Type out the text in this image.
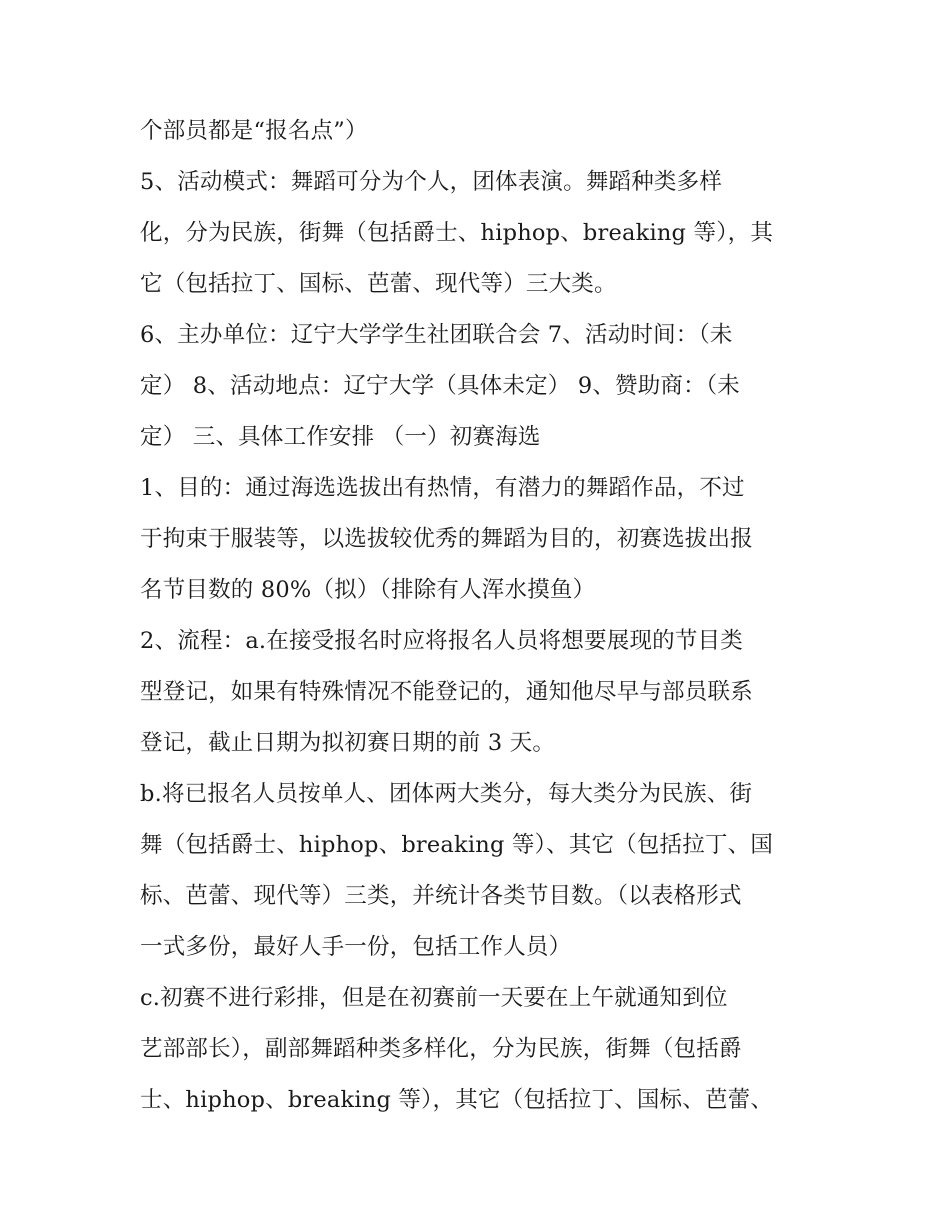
个部员都是“报名点”）
5、活动模式：舞蹈可分为个人，团体表演。舞蹈种类多样
化，分为民族，街舞（包括爵士、hiphop、breaking 等），其
它（包括拉丁、国标、芭蕾、现代等）三大类。
6、主办单位：辽宁大学学生社团联合会 7、活动时间：（未
定） 8、活动地点：辽宁大学（具体未定） 9、赞助商：（未
定） 三、具体工作安排 （一）初赛海选
1、目的：通过海选选拔出有热情，有潜力的舞蹈作品，不过
于拘束于服装等，以选拔较优秀的舞蹈为目的，初赛选拔出报
名节目数的 80%（拟）（排除有人浑水摸鱼）
2、流程：a.在接受报名时应将报名人员将想要展现的节目类
型登记，如果有特殊情况不能登记的，通知他尽早与部员联系
登记，截止日期为拟初赛日期的前 3 天。
b.将已报名人员按单人、团体两大类分，每大类分为民族、街
舞（包括爵士、hiphop、breaking 等）、其它（包括拉丁、国
标、芭蕾、现代等）三类，并统计各类节目数。（以表格形式
一式多份，最好人手一份，包括工作人员）
c.初赛不进行彩排，但是在初赛前一天要在上午就通知到位
艺部部长），副部舞蹈种类多样化，分为民族，街舞（包括爵
士、hiphop、breaking 等），其它（包括拉丁、国标、芭蕾、
